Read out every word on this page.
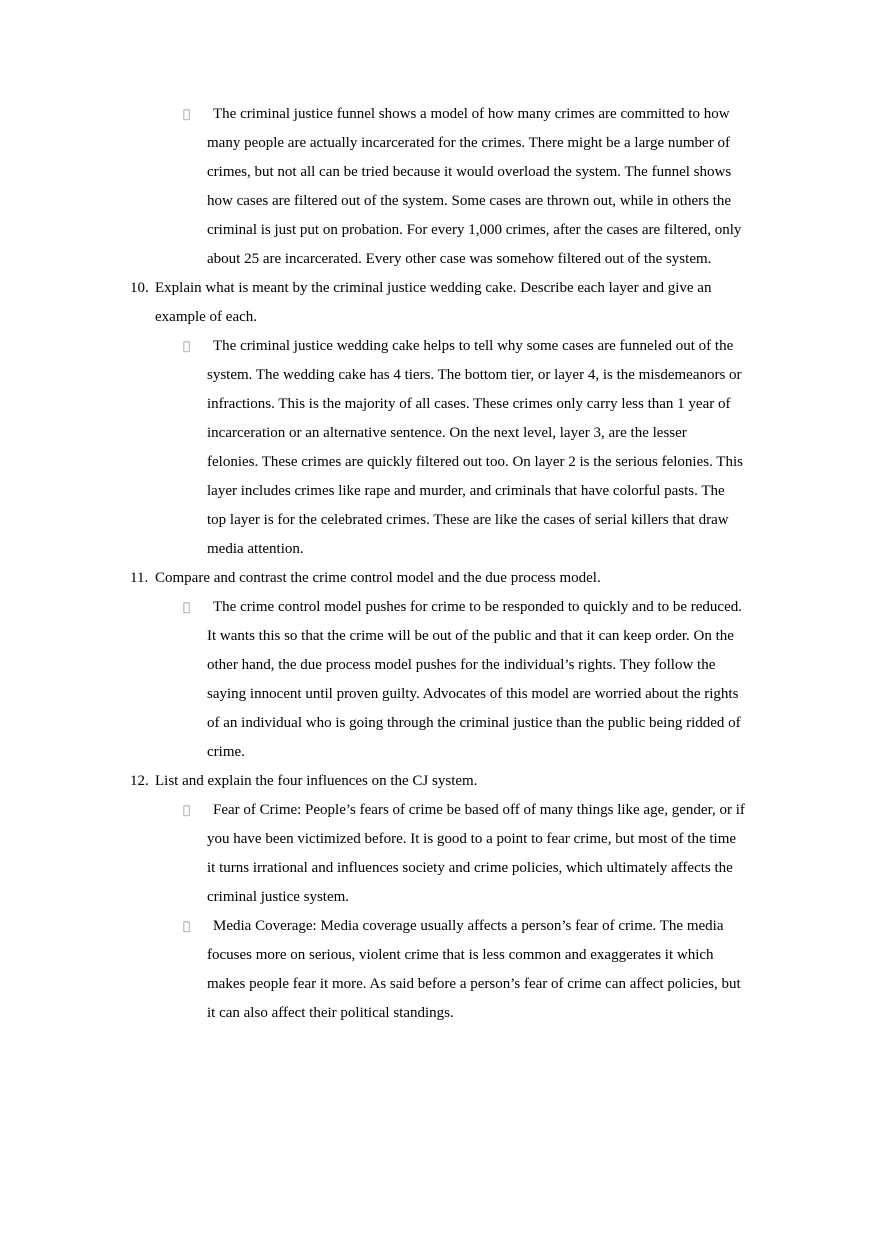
The criminal justice funnel shows a model of how many crimes are committed to how
many people are actually incarcerated for the crimes. There might be a large number of
crimes, but not all can be tried because it would overload the system. The funnel shows
how cases are filtered out of the system. Some cases are thrown out, while in others the
criminal is just put on probation. For every 1,000 crimes, after the cases are filtered, only
about 25 are incarcerated. Every other case was somehow filtered out of the system.
10. Explain what is meant by the criminal justice wedding cake. Describe each layer and give an
example of each.
The criminal justice wedding cake helps to tell why some cases are funneled out of the
system. The wedding cake has 4 tiers. The bottom tier, or layer 4, is the misdemeanors or
infractions. This is the majority of all cases. These crimes only carry less than 1 year of
incarceration or an alternative sentence. On the next level, layer 3, are the lesser
felonies. These crimes are quickly filtered out too. On layer 2 is the serious felonies. This
layer includes crimes like rape and murder, and criminals that have colorful pasts. The
top layer is for the celebrated crimes. These are like the cases of serial killers that draw
media attention.
11. Compare and contrast the crime control model and the due process model.
The crime control model pushes for crime to be responded to quickly and to be reduced.
It wants this so that the crime will be out of the public and that it can keep order. On the
other hand, the due process model pushes for the individual’s rights. They follow the
saying innocent until proven guilty. Advocates of this model are worried about the rights
of an individual who is going through the criminal justice than the public being ridded of
crime.
12. List and explain the four influences on the CJ system.
Fear of Crime: People’s fears of crime be based off of many things like age, gender, or if
you have been victimized before. It is good to a point to fear crime, but most of the time
it turns irrational and influences society and crime policies, which ultimately affects the
criminal justice system.
Media Coverage: Media coverage usually affects a person’s fear of crime. The media
focuses more on serious, violent crime that is less common and exaggerates it which
makes people fear it more. As said before a person’s fear of crime can affect policies, but
it can also affect their political standings.
